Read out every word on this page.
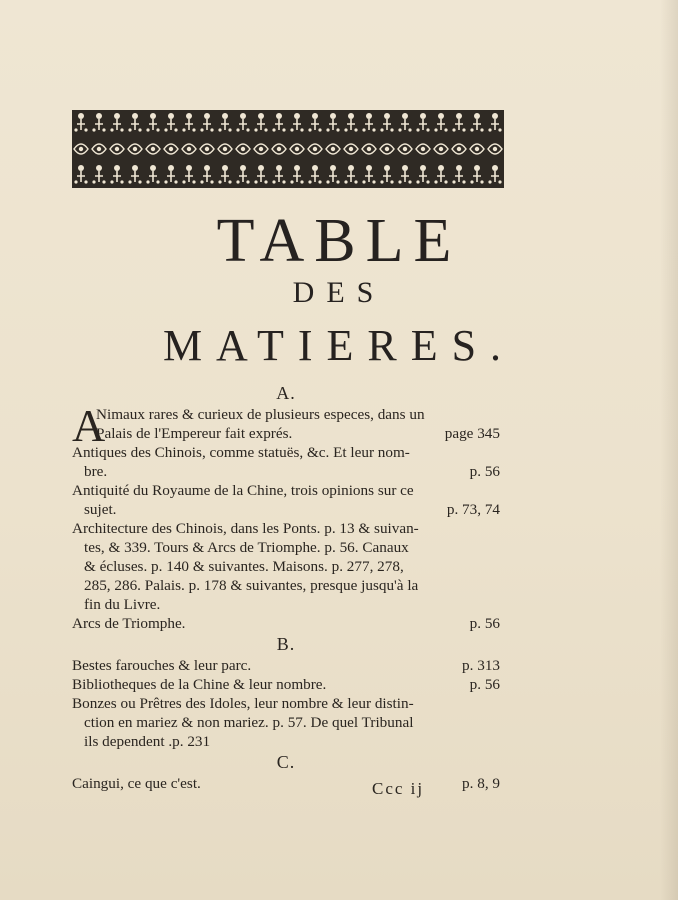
TABLE
DES
MATIERES.
A.
A
Nimaux rares & curieux de plusieurs especes, dans un
Palais de l'Empereur fait exprés.	page 345
Antiques des Chinois, comme statuës, &c. Et leur nom-
bre.	p. 56
Antiquité du Royaume de la Chine, trois opinions sur ce
sujet.	p. 73, 74
Architecture des Chinois, dans les Ponts. p. 13 & suivan-
tes, & 339. Tours & Arcs de Triomphe. p. 56. Canaux
& écluses. p. 140 & suivantes. Maisons. p. 277, 278,
285, 286. Palais. p. 178 & suivantes, presque jusqu'à la
fin du Livre.
Arcs de Triomphe.	p. 56
B.
Bestes farouches & leur parc.	p. 313
Bibliotheques de la Chine & leur nombre.	p. 56
Bonzes ou Prêtres des Idoles, leur nombre & leur distin-
ction en mariez & non mariez. p. 57. De quel Tribunal
ils dependent .p. 231
C.
Caingui, ce que c'est.	p. 8, 9
Ccc ij
